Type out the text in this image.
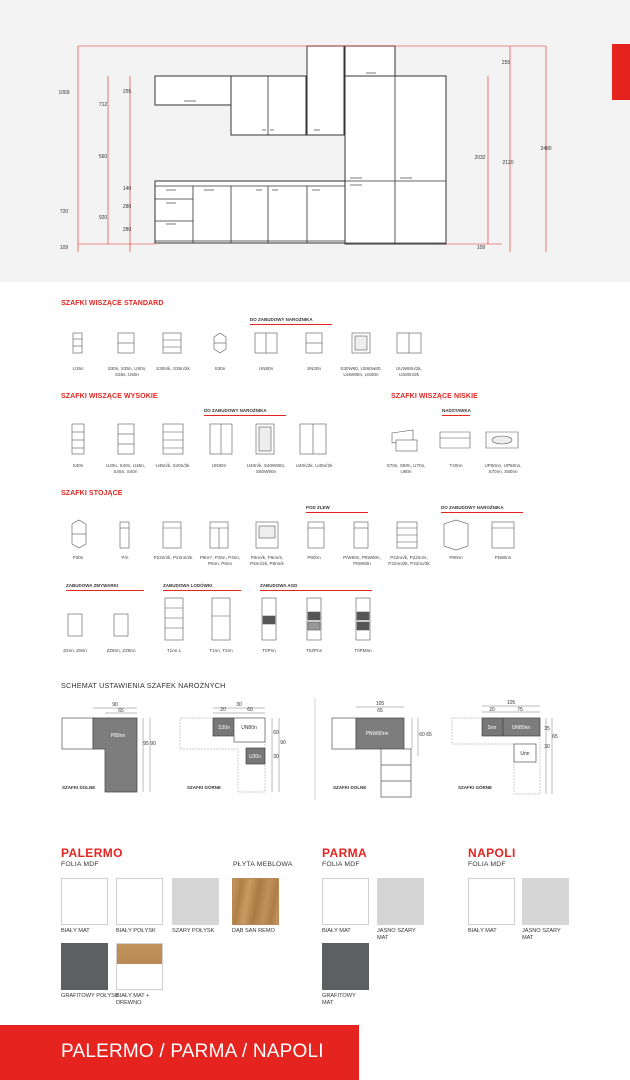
1069
712
255
560
720
920
140
280
280
109
255
2032
2120
2480
109
SZAFKI WISZĄCE STANDARD
DO ZABUDOWY NAROŻNIKA
U15n	S30n, S35n, U50n, S35s, U50n
S30n/k, S35n/2k	S30n	UN80n	SN30n	S30W80, US60w80, UUW80n, US80n
UUW60n/2k, US80n/2k
SZAFKI WISZĄCE WYSOKIE
DO ZABUDOWY NAROŻNIKA
SZAFKI WISZĄCE NISKIE
NADSTAWKA
S40n	U40n, S40n, U45n, S45n, S40n
U45n/k, S40n/2k	UN80n	U40n/k, S40W80n, S60W90n
U40n/2k, U45n/2k	S70n, S80n, U70n, U80n
T40nn	UP60nn, UP80nn, S70nn, S80nn
SZAFKI STOJĄCE
POD ZLEW	DO ZABUDOWY NAROŻNIKA
P30n	P/n	P22nn/k, P22nn/2k	P8nn*, P3nn, P4nn, P5nn, P6nn
P6nn/k, P6nn/s, P6nn/2k, P8nn/k
P80nn	P/W60n, P8W60n, P8W80n
P22nn/k, P22nn/s, P22nn/2k, P22nn/3k
P80nn	PN80nn
ZABUDOWA ZMYWARKI	ZABUDOWA LODÓWKI	ZABUDOWA AGD
Z2nn, Z8nn	ZZ8nn, ZZ8nn	T1nn L	T1nn, T2nn	T0Pnn	T0ZPnn	T0PMnn
SCHEMAT USTAWIENIA SZAFEK NAROŻNYCH
P80nn
S30n UN80n
U30n
PNW80nn
Snn	UN80nn
Unn
90
65
95 90
30
20	60
60
90
30
105
65
60 65
105
20	75
35
65
30
SZAFKI DOLNE	SZAFKI GÓRNE	SZAFKI DOLNE	SZAFKI GÓRNE
PALERMO
FOLIA MDF	PŁYTA MEBLOWA
BIAŁY MAT	BIAŁY POŁYSK	SZARY POŁYSK	DĄB SAN REMO
GRAFITOWY POŁYSK
BIAŁY MAT + DREWNO
PARMA
FOLIA MDF
BIAŁY MAT	JASNO SZARY MAT
GRAFITOWY MAT
NAPOLI
FOLIA MDF
BIAŁY MAT	JASNO SZARY MAT
PALERMO / PARMA / NAPOLI
